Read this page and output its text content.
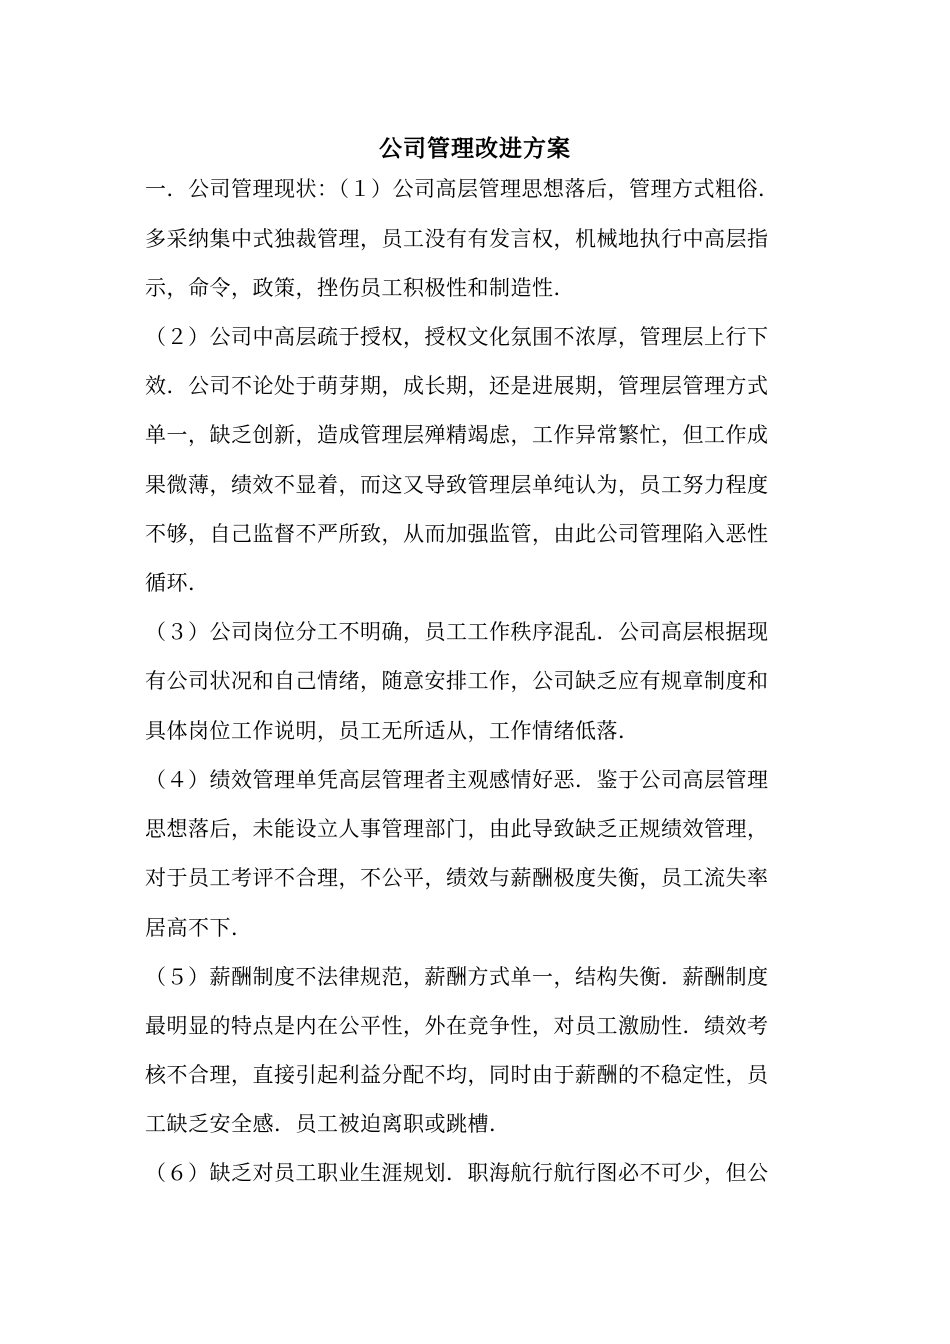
公司管理改进方案
一．公司管理现状：（１）公司高层管理思想落后，管理方式粗俗．
多采纳集中式独裁管理，员工没有有发言权，机械地执行中高层指
示，命令，政策，挫伤员工积极性和制造性．
（２）公司中高层疏于授权，授权文化氛围不浓厚，管理层上行下
效．公司不论处于萌芽期，成长期，还是进展期，管理层管理方式
单一，缺乏创新，造成管理层殚精竭虑，工作异常繁忙，但工作成
果微薄，绩效不显着，而这又导致管理层单纯认为，员工努力程度
不够，自己监督不严所致，从而加强监管，由此公司管理陷入恶性
循环．
（３）公司岗位分工不明确，员工工作秩序混乱．公司高层根据现
有公司状况和自己情绪，随意安排工作，公司缺乏应有规章制度和
具体岗位工作说明，员工无所适从，工作情绪低落．
（４）绩效管理单凭高层管理者主观感情好恶．鉴于公司高层管理
思想落后，未能设立人事管理部门，由此导致缺乏正规绩效管理，
对于员工考评不合理，不公平，绩效与薪酬极度失衡，员工流失率
居高不下．
（５）薪酬制度不法律规范，薪酬方式单一，结构失衡．薪酬制度
最明显的特点是内在公平性，外在竞争性，对员工激励性．绩效考
核不合理，直接引起利益分配不均，同时由于薪酬的不稳定性，员
工缺乏安全感．员工被迫离职或跳槽．
（６）缺乏对员工职业生涯规划．职海航行航行图必不可少，但公
